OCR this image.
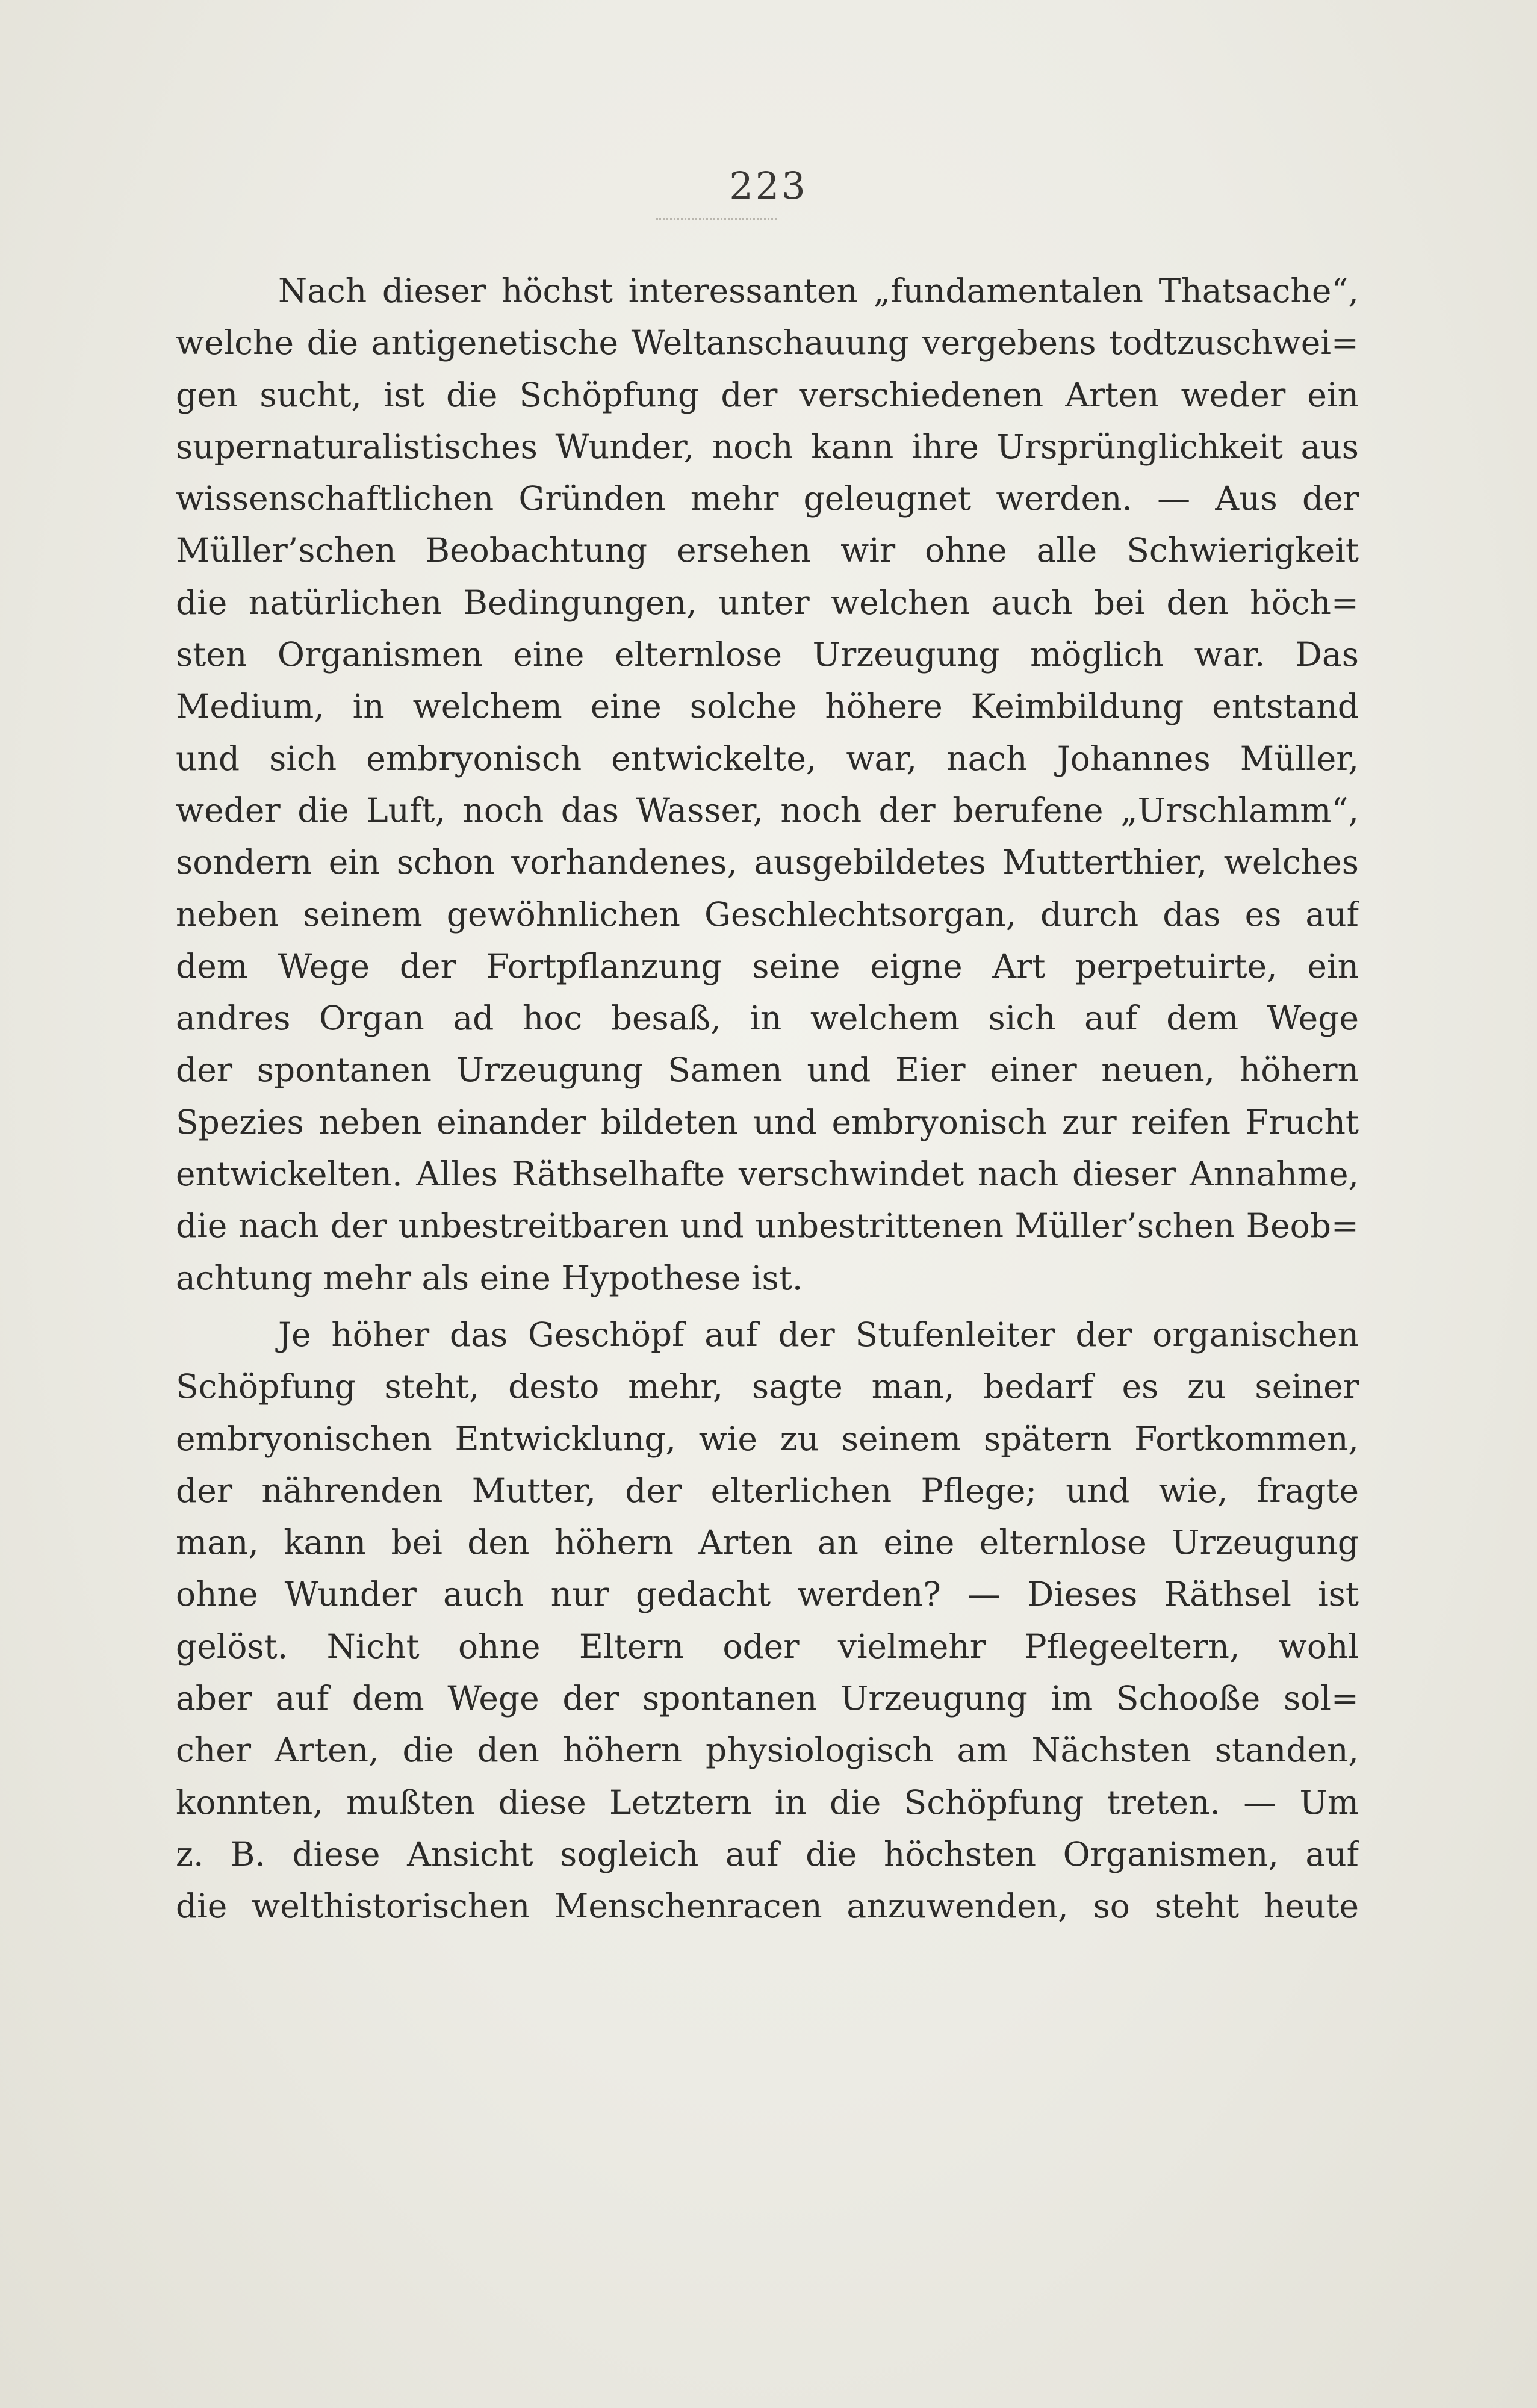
223
Nach dieser höchst interessanten „fundamentalen Thatsache“,
welche die antigenetische Weltanschauung vergebens todtzuschwei=
gen sucht, ist die Schöpfung der verschiedenen Arten weder ein
supernaturalistisches Wunder, noch kann ihre Ursprünglichkeit aus
wissenschaftlichen Gründen mehr geleugnet werden. — Aus der
Müller’schen Beobachtung ersehen wir ohne alle Schwierigkeit
die natürlichen Bedingungen, unter welchen auch bei den höch=
sten Organismen eine elternlose Urzeugung möglich war. Das
Medium, in welchem eine solche höhere Keimbildung entstand
und sich embryonisch entwickelte, war, nach Johannes Müller,
weder die Luft, noch das Wasser, noch der berufene „Urschlamm“,
sondern ein schon vorhandenes, ausgebildetes Mutterthier, welches
neben seinem gewöhnlichen Geschlechtsorgan, durch das es auf
dem Wege der Fortpflanzung seine eigne Art perpetuirte, ein
andres Organ ad hoc besaß, in welchem sich auf dem Wege
der spontanen Urzeugung Samen und Eier einer neuen, höhern
Spezies neben einander bildeten und embryonisch zur reifen Frucht
entwickelten. Alles Räthselhafte verschwindet nach dieser Annahme,
die nach der unbestreitbaren und unbestrittenen Müller’schen Beob=
achtung mehr als eine Hypothese ist.
Je höher das Geschöpf auf der Stufenleiter der organischen
Schöpfung steht, desto mehr, sagte man, bedarf es zu seiner
embryonischen Entwicklung, wie zu seinem spätern Fortkommen,
der nährenden Mutter, der elterlichen Pflege; und wie, fragte
man, kann bei den höhern Arten an eine elternlose Urzeugung
ohne Wunder auch nur gedacht werden? — Dieses Räthsel ist
gelöst. Nicht ohne Eltern oder vielmehr Pflegeeltern, wohl
aber auf dem Wege der spontanen Urzeugung im Schooße sol=
cher Arten, die den höhern physiologisch am Nächsten standen,
konnten, mußten diese Letztern in die Schöpfung treten. — Um
z. B. diese Ansicht sogleich auf die höchsten Organismen, auf
die welthistorischen Menschenracen anzuwenden, so steht heute
